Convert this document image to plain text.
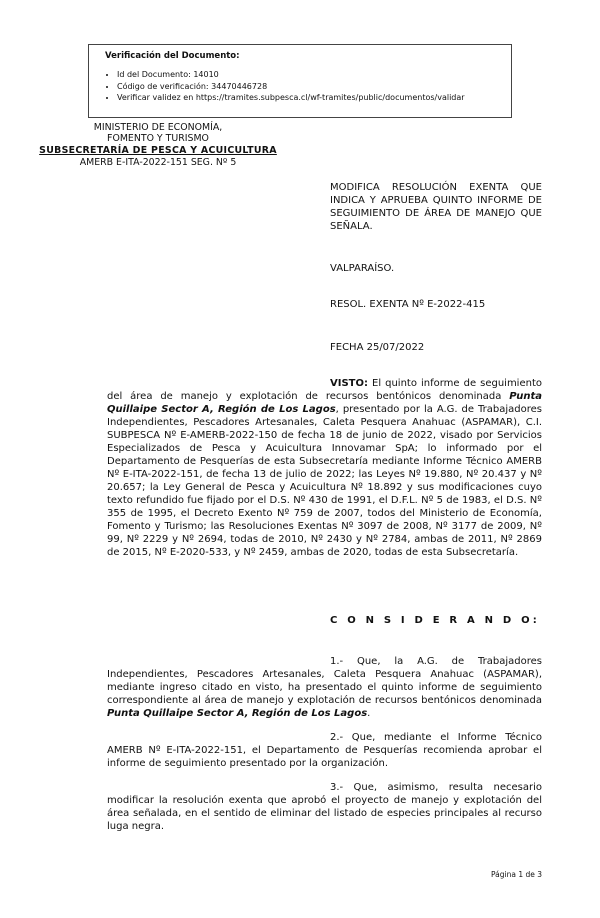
Verificación del Documento:

• Id del Documento: 14010
• Código de verificación: 34470446728
• Verificar validez en https://tramites.subpesca.cl/wf-tramites/public/documentos/validar
MINISTERIO DE ECONOMÍA,
FOMENTO Y TURISMO
SUBSECRETARÍA DE PESCA Y ACUICULTURA
AMERB E-ITA-2022-151 SEG. Nº 5
MODIFICA RESOLUCIÓN EXENTA QUE INDICA Y APRUEBA QUINTO INFORME DE SEGUIMIENTO DE ÁREA DE MANEJO QUE SEÑALA.
VALPARAÍSO.
RESOL. EXENTA Nº E-2022-415
FECHA 25/07/2022
VISTO: El quinto informe de seguimiento del área de manejo y explotación de recursos bentónicos denominada Punta Quillaipe Sector A, Región de Los Lagos, presentado por la A.G. de Trabajadores Independientes, Pescadores Artesanales, Caleta Pesquera Anahuac (ASPAMAR), C.I. SUBPESCA Nº E-AMERB-2022-150 de fecha 18 de junio de 2022, visado por Servicios Especializados de Pesca y Acuicultura Innovamar SpA; lo informado por el Departamento de Pesquerías de esta Subsecretaría mediante Informe Técnico AMERB Nº E-ITA-2022-151, de fecha 13 de julio de 2022; las Leyes Nº 19.880, Nº 20.437 y Nº 20.657; la Ley General de Pesca y Acuicultura Nº 18.892 y sus modificaciones cuyo texto refundido fue fijado por el D.S. Nº 430 de 1991, el D.F.L. Nº 5 de 1983, el D.S. Nº 355 de 1995, el Decreto Exento Nº 759 de 2007, todos del Ministerio de Economía, Fomento y Turismo; las Resoluciones Exentas Nº 3097 de 2008, Nº 3177 de 2009, Nº 99, Nº 2229 y Nº 2694, todas de 2010, Nº 2430 y Nº 2784, ambas de 2011, Nº 2869 de 2015, Nº E-2020-533, y Nº 2459, ambas de 2020, todas de esta Subsecretaría.
C O N S I D E R A N D O:
1.- Que, la A.G. de Trabajadores Independientes, Pescadores Artesanales, Caleta Pesquera Anahuac (ASPAMAR), mediante ingreso citado en visto, ha presentado el quinto informe de seguimiento correspondiente al área de manejo y explotación de recursos bentónicos denominada Punta Quillaipe Sector A, Región de Los Lagos.
2.- Que, mediante el Informe Técnico AMERB Nº E-ITA-2022-151, el Departamento de Pesquerías recomienda aprobar el informe de seguimiento presentado por la organización.
3.- Que, asimismo, resulta necesario modificar la resolución exenta que aprobó el proyecto de manejo y explotación del área señalada, en el sentido de eliminar del listado de especies principales al recurso luga negra.
Página 1 de 3
